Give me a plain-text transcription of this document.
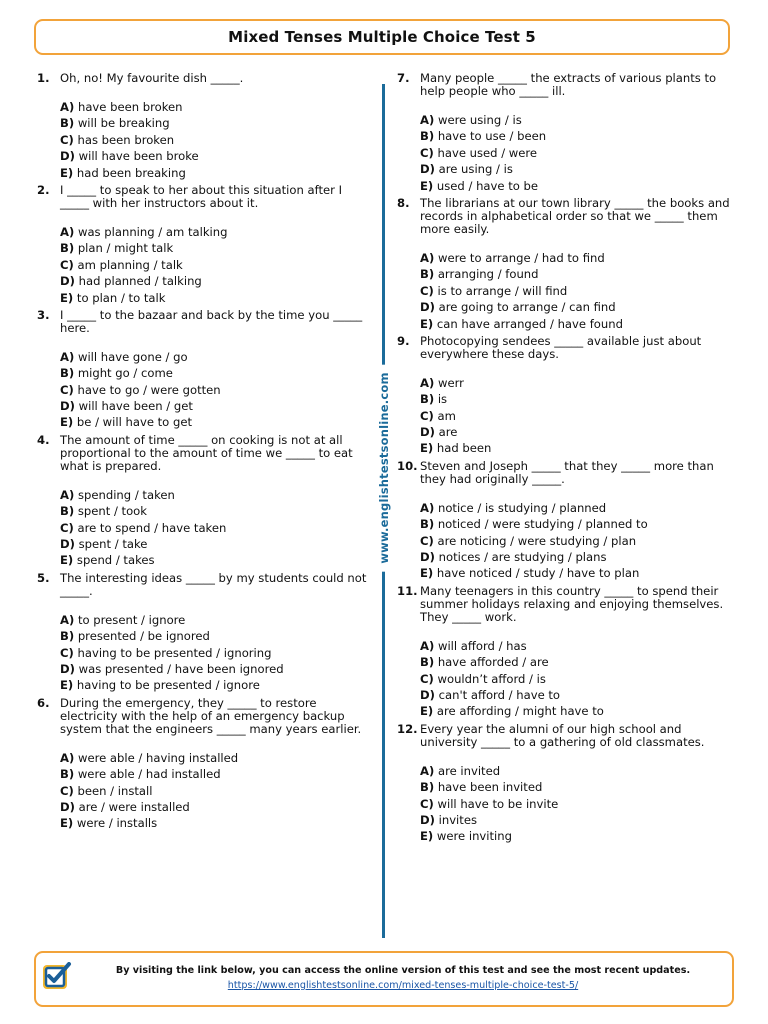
Mixed Tenses Multiple Choice Test 5
1. Oh, no! My favourite dish _____.
A) have been broken
B) will be breaking
C) has been broken
D) will have been broke
E) had been breaking
2. I _____ to speak to her about this situation after I _____ with her instructors about it.
A) was planning / am talking
B) plan / might talk
C) am planning / talk
D) had planned / talking
E) to plan / to talk
3. I _____ to the bazaar and back by the time you _____ here.
A) will have gone / go
B) might go / come
C) have to go / were gotten
D) will have been / get
E) be / will have to get
4. The amount of time _____ on cooking is not at all proportional to the amount of time we _____ to eat what is prepared.
A) spending / taken
B) spent / took
C) are to spend / have taken
D) spent / take
E) spend / takes
5. The interesting ideas _____ by my students could not _____.
A) to present / ignore
B) presented / be ignored
C) having to be presented / ignoring
D) was presented / have been ignored
E) having to be presented / ignore
6. During the emergency, they _____ to restore electricity with the help of an emergency backup system that the engineers _____ many years earlier.
A) were able / having installed
B) were able / had installed
C) been / install
D) are / were installed
E) were / installs
www.englishtestsonline.com
7. Many people _____ the extracts of various plants to help people who _____ ill.
A) were using / is
B) have to use / been
C) have used / were
D) are using / is
E) used / have to be
8. The librarians at our town library _____ the books and records in alphabetical order so that we _____ them more easily.
A) were to arrange / had to find
B) arranging / found
C) is to arrange / will find
D) are going to arrange / can find
E) can have arranged / have found
9. Photocopying sendees _____ available just about everywhere these days.
A) werr
B) is
C) am
D) are
E) had been
10. Steven and Joseph _____ that they _____ more than they had originally _____.
A) notice / is studying / planned
B) noticed / were studying / planned to
C) are noticing / were studying / plan
D) notices / are studying / plans
E) have noticed / study / have to plan
11. Many teenagers in this country _____ to spend their summer holidays relaxing and enjoying themselves. They _____ work.
A) will afford / has
B) have afforded / are
C) wouldn’t afford / is
D) can't afford / have to
E) are affording / might have to
12. Every year the alumni of our high school and university _____ to a gathering of old classmates.
A) are invited
B) have been invited
C) will have to be invite
D) invites
E) were inviting
By visiting the link below, you can access the online version of this test and see the most recent updates.
https://www.englishtestsonline.com/mixed-tenses-multiple-choice-test-5/
